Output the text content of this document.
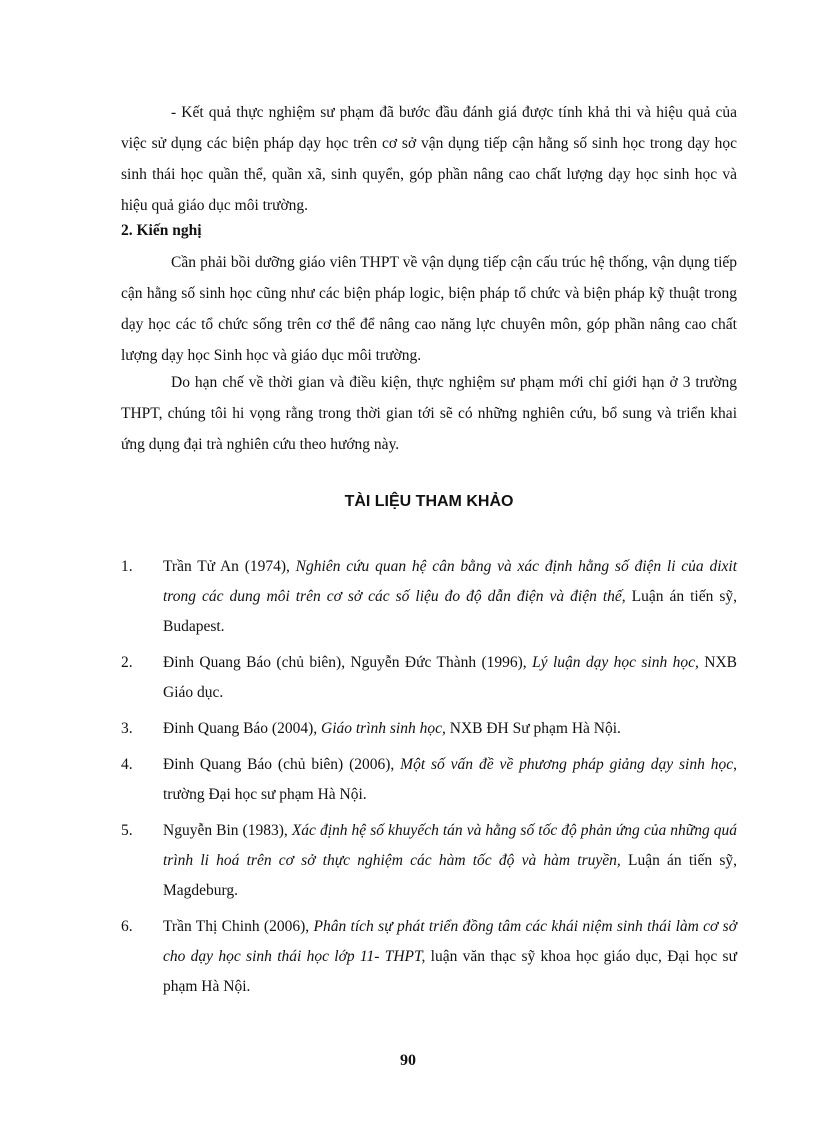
- Kết quả thực nghiệm sư phạm đã bước đầu đánh giá được tính khả thi và hiệu quả của việc sử dụng các biện pháp dạy học trên cơ sở vận dụng tiếp cận hằng số sinh học trong dạy học sinh thái học quần thể, quần xã, sinh quyển, góp phần nâng cao chất lượng dạy học sinh học và hiệu quả giáo dục môi trường.

2. Kiến nghị

Cần phải bồi dưỡng giáo viên THPT về vận dụng tiếp cận cấu trúc hệ thống, vận dụng tiếp cận hằng số sinh học cũng như các biện pháp logic, biện pháp tổ chức và biện pháp kỹ thuật trong dạy học các tổ chức sống trên cơ thể để nâng cao năng lực chuyên môn, góp phần nâng cao chất lượng dạy học Sinh học và giáo dục môi trường.

Do hạn chế về thời gian và điều kiện, thực nghiệm sư phạm mới chỉ giới hạn ở 3 trường THPT, chúng tôi hi vọng rằng trong thời gian tới sẽ có những nghiên cứu, bổ sung và triển khai ứng dụng đại trà nghiên cứu theo hướng này.

TÀI LIỆU THAM KHẢO
1.	Trần Tử An (1974), Nghiên cứu quan hệ cân bằng và xác định hằng số điện li của dixit trong các dung môi trên cơ sở các số liệu đo độ dẫn điện và điện thế, Luận án tiến sỹ, Budapest.
2.	Đinh Quang Báo (chủ biên), Nguyễn Đức Thành (1996), Lý luận dạy học sinh học, NXB Giáo dục.
3.	Đinh Quang Báo (2004), Giáo trình sinh học, NXB ĐH Sư phạm Hà Nội.
4.	Đinh Quang Báo (chủ biên) (2006), Một số vấn đề về phương pháp giảng dạy sinh học, trường Đại học sư phạm Hà Nội.
5.	Nguyễn Bin (1983), Xác định hệ số khuyếch tán và hằng số tốc độ phản ứng của những quá trình li hoá trên cơ sở thực nghiệm các hàm tốc độ và hàm truyền, Luận án tiến sỹ, Magdeburg.
6.	Trần Thị Chinh (2006), Phân tích sự phát triển đồng tâm các khái niệm sinh thái làm cơ sở cho dạy học sinh thái học lớp 11- THPT, luận văn thạc sỹ khoa học giáo dục, Đại học sư phạm Hà Nội.
90
